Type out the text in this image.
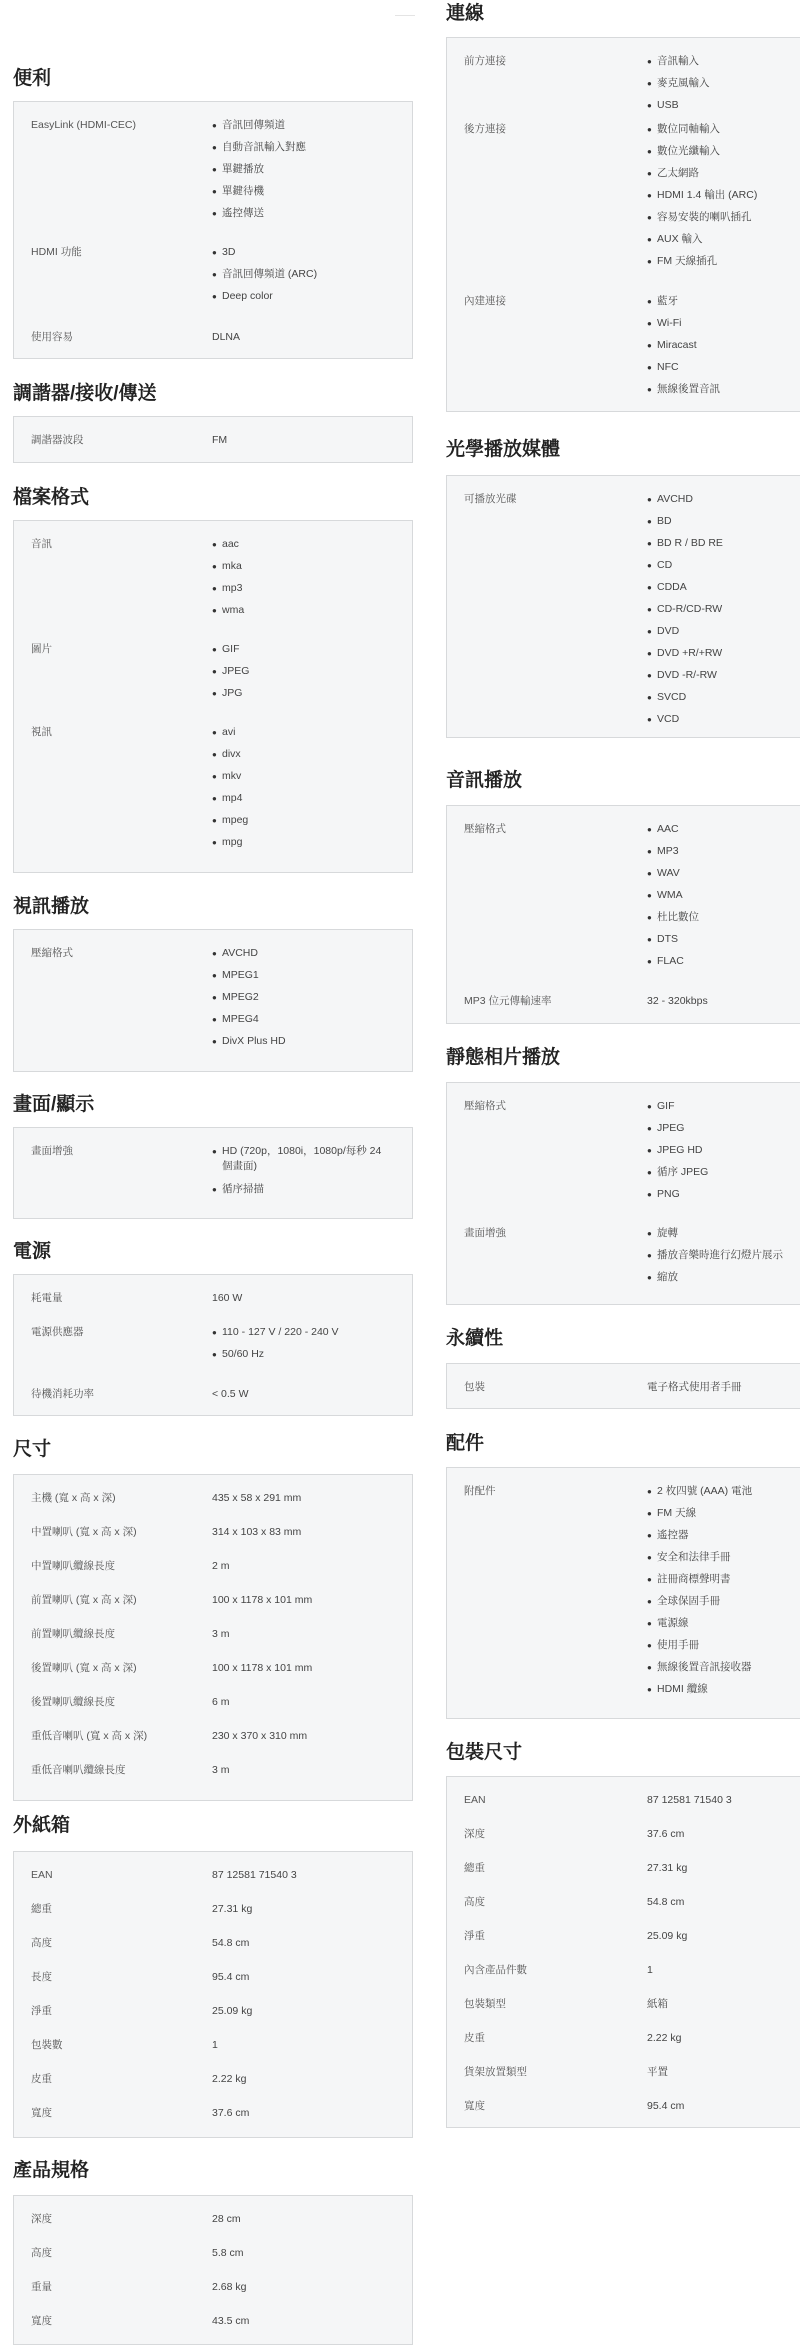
便利
EasyLink (HDMI-CEC)	● 音訊回傳頻道
● 自動音訊輸入對應
● 單鍵播放
● 單鍵待機
● 遙控傳送
HDMI 功能	● 3D
● 音訊回傳頻道 (ARC)
● Deep color
使用容易	DLNA
調諧器/接收/傳送
調諧器波段	FM
檔案格式
音訊	● aac
● mka
● mp3
● wma
圖片	● GIF
● JPEG
● JPG
視訊	● avi
● divx
● mkv
● mp4
● mpeg
● mpg
視訊播放
壓縮格式	● AVCHD
● MPEG1
● MPEG2
● MPEG4
● DivX Plus HD
畫面/顯示
畫面增強	● HD (720p，1080i，1080p/每秒 24 個畫面)
● 循序掃描
電源
耗電量	160 W
電源供應器	● 110 - 127 V / 220 - 240 V
● 50/60 Hz
待機消耗功率	< 0.5 W
尺寸
主機 (寬 x 高 x 深)	435 x 58 x 291 mm
中置喇叭 (寬 x 高 x 深)	314 x 103 x 83 mm
中置喇叭纜線長度	2 m
前置喇叭 (寬 x 高 x 深)	100 x 1178 x 101 mm
前置喇叭纜線長度	3 m
後置喇叭 (寬 x 高 x 深)	100 x 1178 x 101 mm
後置喇叭纜線長度	6 m
重低音喇叭 (寬 x 高 x 深)	230 x 370 x 310 mm
重低音喇叭纜線長度	3 m
外紙箱
EAN	87 12581 71540 3
總重	27.31 kg
高度	54.8 cm
長度	95.4 cm
淨重	25.09 kg
包裝數	1
皮重	2.22 kg
寬度	37.6 cm
產品規格
深度	28 cm
高度	5.8 cm
重量	2.68 kg
寬度	43.5 cm
連線
前方連接	● 音訊輸入
● 麥克風輸入
● USB
後方連接	● 數位同軸輸入
● 數位光纖輸入
● 乙太網路
● HDMI 1.4 輸出 (ARC)
● 容易安裝的喇叭插孔
● AUX 輸入
● FM 天線插孔
內建連接	● 藍牙
● Wi-Fi
● Miracast
● NFC
● 無線後置音訊
光學播放媒體
可播放光碟	● AVCHD
● BD
● BD R / BD RE
● CD
● CDDA
● CD-R/CD-RW
● DVD
● DVD +R/+RW
● DVD -R/-RW
● SVCD
● VCD
音訊播放
壓縮格式	● AAC
● MP3
● WAV
● WMA
● 杜比數位
● DTS
● FLAC
MP3 位元傳輸速率	32 - 320kbps
靜態相片播放
壓縮格式	● GIF
● JPEG
● JPEG HD
● 循序 JPEG
● PNG
畫面增強	● 旋轉
● 播放音樂時進行幻燈片展示
● 縮放
永續性
包裝	電子格式使用者手冊
配件
附配件	● 2 枚四號 (AAA) 電池
● FM 天線
● 遙控器
● 安全和法律手冊
● 註冊商標聲明書
● 全球保固手冊
● 電源線
● 使用手冊
● 無線後置音訊接收器
● HDMI 纜線
包裝尺寸
EAN	87 12581 71540 3
深度	37.6 cm
總重	27.31 kg
高度	54.8 cm
淨重	25.09 kg
內含產品件數	1
包裝類型	紙箱
皮重	2.22 kg
貨架放置類型	平置
寬度	95.4 cm
